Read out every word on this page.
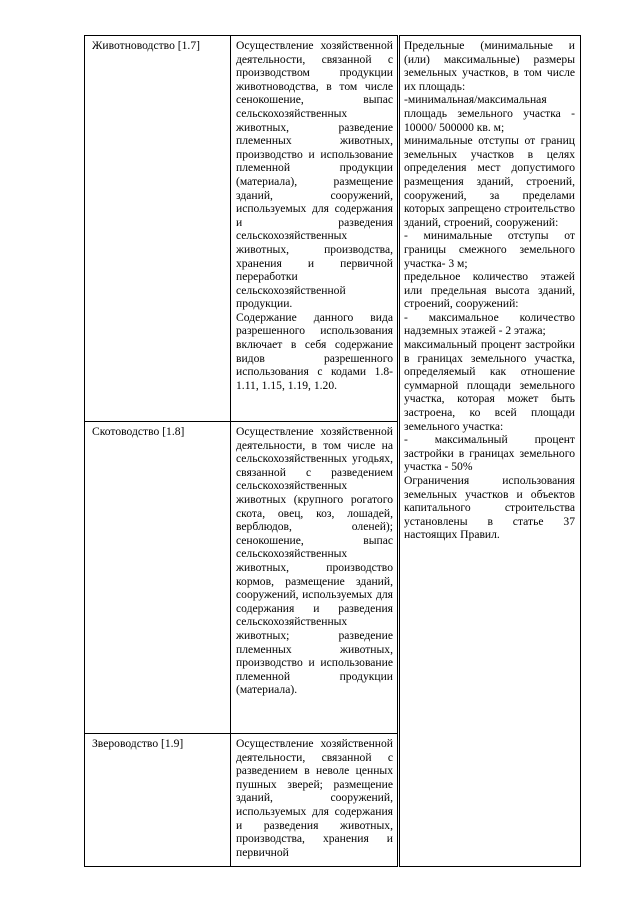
Животноводство [1.7]	Осуществление хозяйственной деятельности, связанной с производством продукции животноводства, в том числе сенокошение, выпас сельскохозяйственных животных, разведение племенных животных, производство и использование племенной продукции (материала), размещение зданий, сооружений, используемых для содержания и разведения сельскохозяйственных животных, производства, хранения и первичной переработки сельскохозяйственной продукции.

Содержание данного вида разрешенного использования включает в себя содержание видов разрешенного использования с кодами 1.8-1.11, 1.15, 1.19, 1.20.

Скотоводство [1.8]	Осуществление хозяйственной деятельности, в том числе на сельскохозяйственных угодьях, связанной с разведением сельскохозяйственных животных (крупного рогатого скота, овец, коз, лошадей, верблюдов, оленей); сенокошение, выпас сельскохозяйственных животных, производство кормов, размещение зданий, сооружений, используемых для содержания и разведения сельскохозяйственных животных; разведение племенных животных, производство и использование племенной продукции (материала).

Звероводство [1.9]	Осуществление хозяйственной деятельности, связанной с разведением в неволе ценных пушных зверей; размещение зданий, сооружений, используемых для содержания и разведения животных, производства, хранения и первичной

Предельные (минимальные и (или) максимальные) размеры земельных участков, в том числе их площадь:

-минимальная/максимальная площадь земельного участка - 10000/ 500000 кв. м;

минимальные отступы от границ земельных участков в целях определения мест допустимого размещения зданий, строений, сооружений, за пределами которых запрещено строительство зданий, строений, сооружений:

- минимальные отступы от границы смежного земельного участка- 3 м;

предельное количество этажей или предельная высота зданий, строений, сооружений:

- максимальное количество надземных этажей - 2 этажа;

максимальный процент застройки в границах земельного участка, определяемый как отношение суммарной площади земельного участка, которая может быть застроена, ко всей площади земельного участка:

- максимальный процент застройки в границах земельного участка - 50%

Ограничения использования земельных участков и объектов капитального строительства установлены в статье 37 настоящих Правил.
